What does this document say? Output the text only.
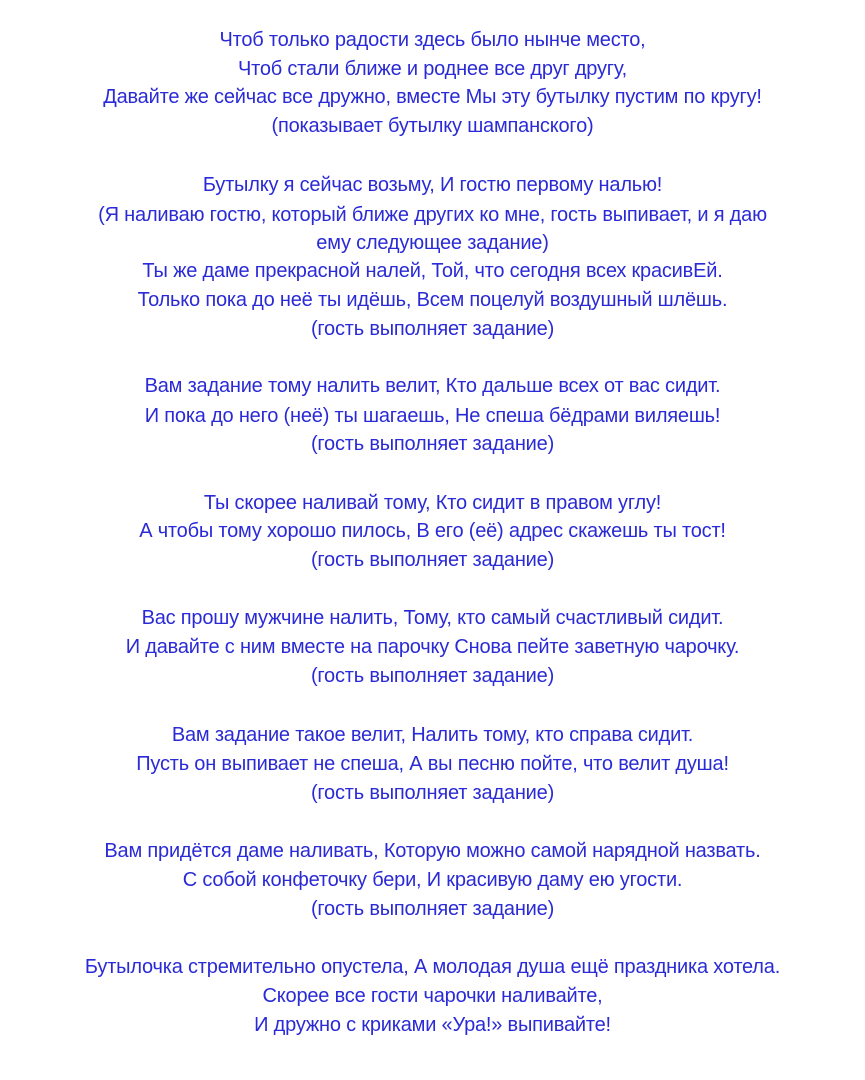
Чтоб только радости здесь было нынче место,
Чтоб стали ближе и роднее все друг другу,
Давайте же сейчас все дружно, вместе Мы эту бутылку пустим по кругу!
(показывает бутылку шампанского)
Бутылку я сейчас возьму, И гостю первому налью!
(Я наливаю гостю, который ближе других ко мне, гость выпивает, и я даю
ему следующее задание)
Ты же даме прекрасной налей, Той, что сегодня всех красивЕй.
Только пока до неё ты идёшь, Всем поцелуй воздушный шлёшь.
(гость выполняет задание)
Вам задание тому налить велит, Кто дальше всех от вас сидит.
И пока до него (неё) ты шагаешь, Не спеша бёдрами виляешь!
(гость выполняет задание)
Ты скорее наливай тому, Кто сидит в правом углу!
А чтобы тому хорошо пилось, В его (её) адрес скажешь ты тост!
(гость выполняет задание)
Вас прошу мужчине налить, Тому, кто самый счастливый сидит.
И давайте с ним вместе на парочку Снова пейте заветную чарочку.
(гость выполняет задание)
Вам задание такое велит, Налить тому, кто справа сидит.
Пусть он выпивает не спеша, А вы песню пойте, что велит душа!
(гость выполняет задание)
Вам придётся даме наливать, Которую можно самой нарядной назвать.
С собой конфеточку бери, И красивую даму ею угости.
(гость выполняет задание)
Бутылочка стремительно опустела, А молодая душа ещё праздника хотела.
Скорее все гости чарочки наливайте,
И дружно с криками «Ура!» выпивайте!
